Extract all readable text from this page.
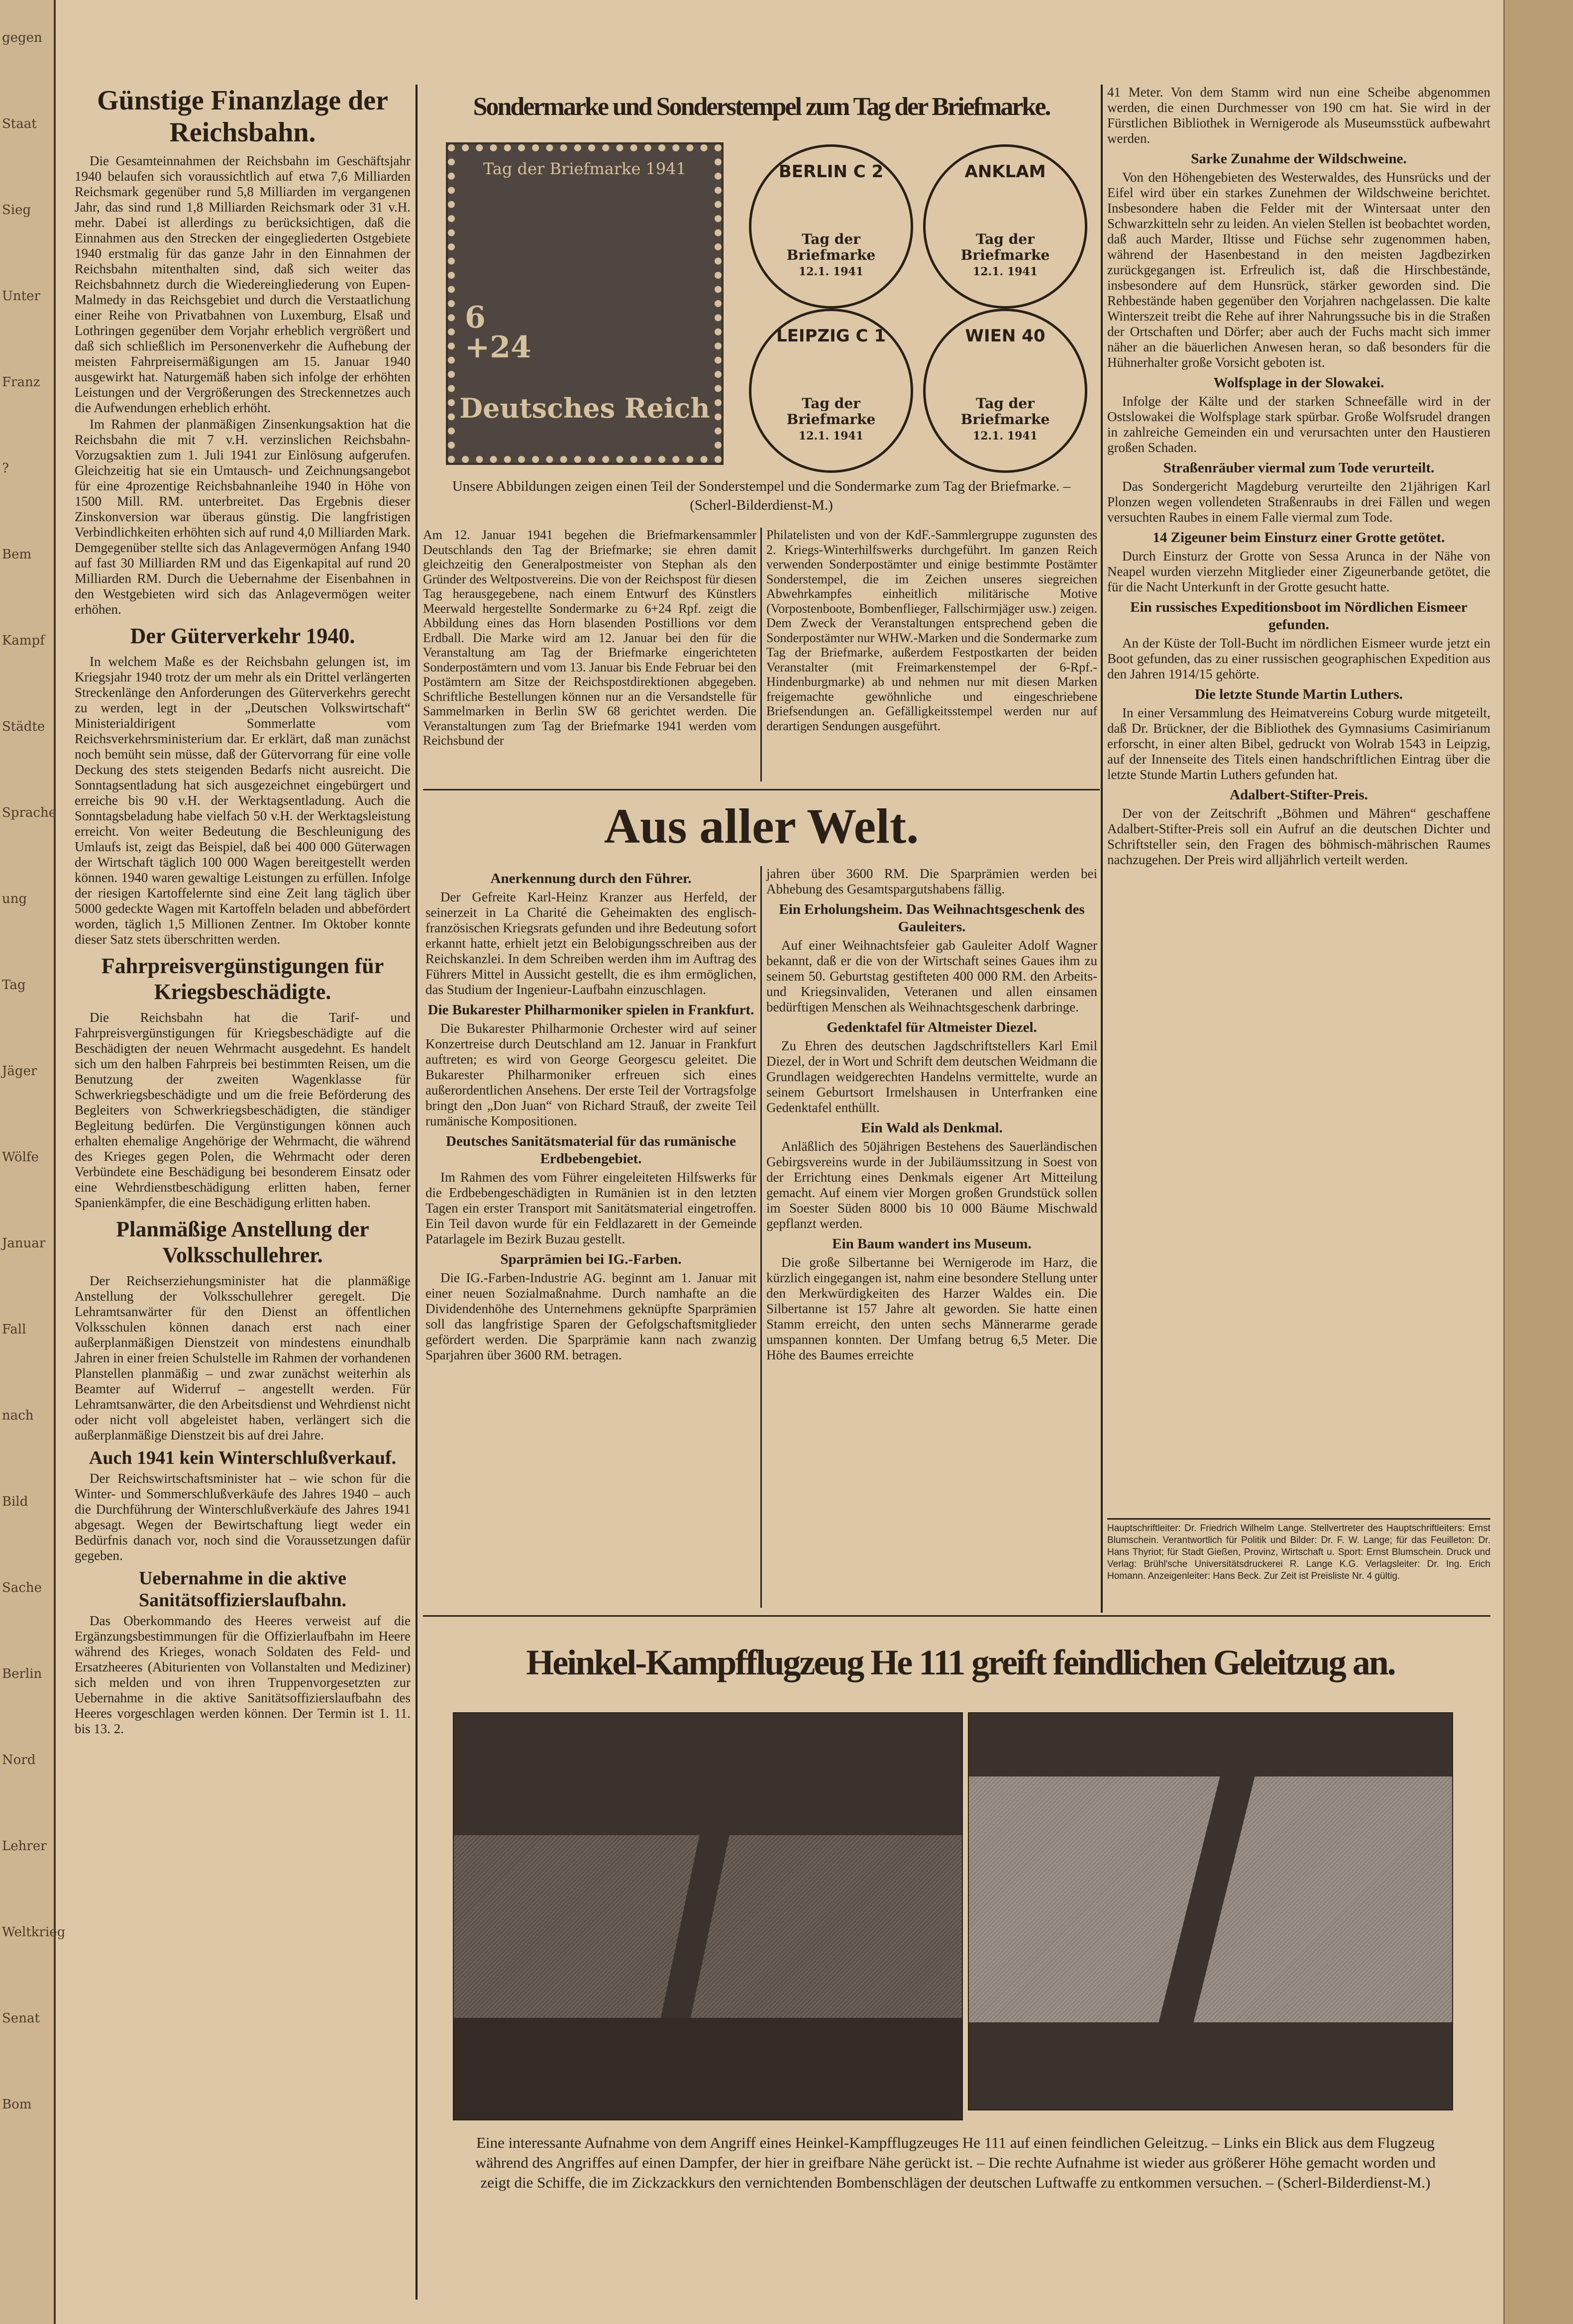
gegen
Staat
Sieg
Unter
Franz
?
Bem
Kampf
Städte
Sprache
ung
Tag
Jäger
Wölfe
Januar
Fall
nach
Bild
Sache
Berlin
Nord
Lehrer
Weltkrieg
Senat
Bom
Günstige Finanzlage der Reichsbahn.

Die Gesamteinnahmen der Reichsbahn im Geschäftsjahr 1940 belaufen sich voraussichtlich auf etwa 7,6 Milliarden Reichsmark gegenüber rund 5,8 Milliarden im vergangenen Jahr, das sind rund 1,8 Milliarden Reichsmark oder 31 v.H. mehr. Dabei ist allerdings zu berücksichtigen, daß die Einnahmen aus den Strecken der eingegliederten Ostgebiete 1940 erstmalig für das ganze Jahr in den Einnahmen der Reichsbahn mitenthalten sind, daß sich weiter das Reichsbahnnetz durch die Wiedereingliederung von Eupen-Malmedy in das Reichsgebiet und durch die Verstaatlichung einer Reihe von Privatbahnen von Luxemburg, Elsaß und Lothringen gegenüber dem Vorjahr erheblich vergrößert und daß sich schließlich im Personenverkehr die Aufhebung der meisten Fahrpreisermäßigungen am 15. Januar 1940 ausgewirkt hat. Naturgemäß haben sich infolge der erhöhten Leistungen und der Vergrößerungen des Streckennetzes auch die Aufwendungen erheblich erhöht.

Im Rahmen der planmäßigen Zinsenkungsaktion hat die Reichsbahn die mit 7 v.H. verzinslichen Reichsbahn-Vorzugsaktien zum 1. Juli 1941 zur Einlösung aufgerufen. Gleichzeitig hat sie ein Umtausch- und Zeichnungsangebot für eine 4prozentige Reichsbahnanleihe 1940 in Höhe von 1500 Mill. RM. unterbreitet. Das Ergebnis dieser Zinskonversion war überaus günstig. Die langfristigen Verbindlichkeiten erhöhten sich auf rund 4,0 Milliarden Mark. Demgegenüber stellte sich das Anlagevermögen Anfang 1940 auf fast 30 Milliarden RM und das Eigenkapital auf rund 20 Milliarden RM. Durch die Uebernahme der Eisenbahnen in den Westgebieten wird sich das Anlagevermögen weiter erhöhen.

Der Güterverkehr 1940.

In welchem Maße es der Reichsbahn gelungen ist, im Kriegsjahr 1940 trotz der um mehr als ein Drittel verlängerten Streckenlänge den Anforderungen des Güterverkehrs gerecht zu werden, legt in der „Deutschen Volkswirtschaft“ Ministerialdirigent Sommerlatte vom Reichsverkehrsministerium dar. Er erklärt, daß man zunächst noch bemüht sein müsse, daß der Gütervorrang für eine volle Deckung des stets steigenden Bedarfs nicht ausreicht. Die Sonntagsentladung hat sich ausgezeichnet eingebürgert und erreiche bis 90 v.H. der Werktagsentladung. Auch die Sonntagsbeladung habe vielfach 50 v.H. der Werktagsleistung erreicht. Von weiter Bedeutung die Beschleunigung des Umlaufs ist, zeigt das Beispiel, daß bei 400 000 Güterwagen der Wirtschaft täglich 100 000 Wagen bereitgestellt werden können. 1940 waren gewaltige Leistungen zu erfüllen. Infolge der riesigen Kartoffelernte sind eine Zeit lang täglich über 5000 gedeckte Wagen mit Kartoffeln beladen und abbefördert worden, täglich 1,5 Millionen Zentner. Im Oktober konnte dieser Satz stets überschritten werden.

Fahrpreisvergünstigungen für Kriegsbeschädigte.

Die Reichsbahn hat die Tarif- und Fahrpreisvergünstigungen für Kriegsbeschädigte auf die Beschädigten der neuen Wehrmacht ausgedehnt. Es handelt sich um den halben Fahrpreis bei bestimmten Reisen, um die Benutzung der zweiten Wagenklasse für Schwerkriegsbeschädigte und um die freie Beförderung des Begleiters von Schwerkriegsbeschädigten, die ständiger Begleitung bedürfen. Die Vergünstigungen können auch erhalten ehemalige Angehörige der Wehrmacht, die während des Krieges gegen Polen, die Wehrmacht oder deren Verbündete eine Beschädigung bei besonderem Einsatz oder eine Wehrdienstbeschädigung erlitten haben, ferner Spanienkämpfer, die eine Beschädigung erlitten haben.

Planmäßige Anstellung der Volksschullehrer.

Der Reichserziehungsminister hat die planmäßige Anstellung der Volksschullehrer geregelt. Die Lehramtsanwärter für den Dienst an öffentlichen Volksschulen können danach erst nach einer außerplanmäßigen Dienstzeit von mindestens einundhalb Jahren in einer freien Schulstelle im Rahmen der vorhandenen Planstellen planmäßig – und zwar zunächst weiterhin als Beamter auf Widerruf – angestellt werden. Für Lehramtsanwärter, die den Arbeitsdienst und Wehrdienst nicht oder nicht voll abgeleistet haben, verlängert sich die außerplanmäßige Dienstzeit bis auf drei Jahre.

Auch 1941 kein Winterschlußverkauf.

Der Reichswirtschaftsminister hat – wie schon für die Winter- und Sommerschlußverkäufe des Jahres 1940 – auch die Durchführung der Winterschlußverkäufe des Jahres 1941 abgesagt. Wegen der Bewirtschaftung liegt weder ein Bedürfnis danach vor, noch sind die Voraussetzungen dafür gegeben.

Uebernahme in die aktive Sanitätsoffizierslaufbahn.

Das Oberkommando des Heeres verweist auf die Ergänzungsbestimmungen für die Offizierlaufbahn im Heere während des Krieges, wonach Soldaten des Feld- und Ersatzheeres (Abiturienten von Vollanstalten und Mediziner) sich melden und von ihren Truppenvorgesetzten zur Uebernahme in die aktive Sanitätsoffizierslaufbahn des Heeres vorgeschlagen werden können. Der Termin ist 1. 11. bis 13. 2.

Sondermarke und Sonderstempel zum Tag der Briefmarke.
Tag der Briefmarke 1941
6 +24
Deutsches Reich
BERLIN C 2
Tag der Briefmarke
12.1. 1941
ANKLAM
Tag der Briefmarke
12.1. 1941
LEIPZIG C 1
Tag der Briefmarke
12.1. 1941
WIEN 40
Tag der Briefmarke
12.1. 1941
Unsere Abbildungen zeigen einen Teil der Sonderstempel und die Sondermarke zum Tag der Briefmarke. – (Scherl-Bilderdienst-M.)
Am 12. Januar 1941 begehen die Briefmarkensammler Deutschlands den Tag der Briefmarke; sie ehren damit gleichzeitig den Generalpostmeister von Stephan als den Gründer des Weltpostvereins. Die von der Reichspost für diesen Tag herausgegebene, nach einem Entwurf des Künstlers Meerwald hergestellte Sondermarke zu 6+24 Rpf. zeigt die Abbildung eines das Horn blasenden Postillions vor dem Erdball. Die Marke wird am 12. Januar bei den für die Veranstaltung am Tag der Briefmarke eingerichteten Sonderpostämtern und vom 13. Januar bis Ende Februar bei den Postämtern am Sitze der Reichspostdirektionen abgegeben. Schriftliche Bestellungen können nur an die Versandstelle für Sammelmarken in Berlin SW 68 gerichtet werden. Die Veranstaltungen zum Tag der Briefmarke 1941 werden vom Reichsbund der
Philatelisten und von der KdF.-Sammlergruppe zugunsten des 2. Kriegs-Winterhilfswerks durchgeführt. Im ganzen Reich verwenden Sonderpostämter und einige bestimmte Postämter Sonderstempel, die im Zeichen unseres siegreichen Abwehrkampfes einheitlich militärische Motive (Vorpostenboote, Bombenflieger, Fallschirmjäger usw.) zeigen. Dem Zweck der Veranstaltungen entsprechend geben die Sonderpostämter nur WHW.-Marken und die Sondermarke zum Tag der Briefmarke, außerdem Festpostkarten der beiden Veranstalter (mit Freimarkenstempel der 6-Rpf.-Hindenburgmarke) ab und nehmen nur mit diesen Marken freigemachte gewöhnliche und eingeschriebene Briefsendungen an. Gefälligkeitsstempel werden nur auf derartigen Sendungen ausgeführt.
Aus aller Welt.
Anerkennung durch den Führer.

Der Gefreite Karl-Heinz Kranzer aus Herfeld, der seinerzeit in La Charité die Geheimakten des englisch-französischen Kriegsrats gefunden und ihre Bedeutung sofort erkannt hatte, erhielt jetzt ein Belobigungsschreiben aus der Reichskanzlei. In dem Schreiben werden ihm im Auftrag des Führers Mittel in Aussicht gestellt, die es ihm ermöglichen, das Studium der Ingenieur-Laufbahn einzuschlagen.

Die Bukarester Philharmoniker spielen in Frankfurt.

Die Bukarester Philharmonie Orchester wird auf seiner Konzertreise durch Deutschland am 12. Januar in Frankfurt auftreten; es wird von George Georgescu geleitet. Die Bukarester Philharmoniker erfreuen sich eines außerordentlichen Ansehens. Der erste Teil der Vortragsfolge bringt den „Don Juan“ von Richard Strauß, der zweite Teil rumänische Kompositionen.

Deutsches Sanitätsmaterial für das rumänische Erdbebengebiet.

Im Rahmen des vom Führer eingeleiteten Hilfswerks für die Erdbebengeschädigten in Rumänien ist in den letzten Tagen ein erster Transport mit Sanitätsmaterial eingetroffen. Ein Teil davon wurde für ein Feldlazarett in der Gemeinde Patarlagele im Bezirk Buzau gestellt.

Sparprämien bei IG.-Farben.

Die IG.-Farben-Industrie AG. beginnt am 1. Januar mit einer neuen Sozialmaßnahme. Durch namhafte an die Dividendenhöhe des Unternehmens geknüpfte Sparprämien soll das langfristige Sparen der Gefolgschaftsmitglieder gefördert werden. Die Sparprämie kann nach zwanzig Sparjahren über 3600 RM. betragen.

jahren über 3600 RM. Die Sparprämien werden bei Abhebung des Gesamtspargutshabens fällig.

Ein Erholungsheim. Das Weihnachtsgeschenk des Gauleiters.

Auf einer Weihnachtsfeier gab Gauleiter Adolf Wagner bekannt, daß er die von der Wirtschaft seines Gaues ihm zu seinem 50. Geburtstag gestifteten 400 000 RM. den Arbeits- und Kriegsinvaliden, Veteranen und allen einsamen bedürftigen Menschen als Weihnachtsgeschenk darbringe.

Gedenktafel für Altmeister Diezel.

Zu Ehren des deutschen Jagdschriftstellers Karl Emil Diezel, der in Wort und Schrift dem deutschen Weidmann die Grundlagen weidgerechten Handelns vermittelte, wurde an seinem Geburtsort Irmelshausen in Unterfranken eine Gedenktafel enthüllt.

Ein Wald als Denkmal.

Anläßlich des 50jährigen Bestehens des Sauerländischen Gebirgsvereins wurde in der Jubiläumssitzung in Soest von der Errichtung eines Denkmals eigener Art Mitteilung gemacht. Auf einem vier Morgen großen Grundstück sollen im Soester Süden 8000 bis 10 000 Bäume Mischwald gepflanzt werden.

Ein Baum wandert ins Museum.

Die große Silbertanne bei Wernigerode im Harz, die kürzlich eingegangen ist, nahm eine besondere Stellung unter den Merkwürdigkeiten des Harzer Waldes ein. Die Silbertanne ist 157 Jahre alt geworden. Sie hatte einen Stamm erreicht, den unten sechs Männerarme gerade umspannen konnten. Der Umfang betrug 6,5 Meter. Die Höhe des Baumes erreichte

41 Meter. Von dem Stamm wird nun eine Scheibe abgenommen werden, die einen Durchmesser von 190 cm hat. Sie wird in der Fürstlichen Bibliothek in Wernigerode als Museumsstück aufbewahrt werden.

Sarke Zunahme der Wildschweine.

Von den Höhengebieten des Westerwaldes, des Hunsrücks und der Eifel wird über ein starkes Zunehmen der Wildschweine berichtet. Insbesondere haben die Felder mit der Wintersaat unter den Schwarzkitteln sehr zu leiden. An vielen Stellen ist beobachtet worden, daß auch Marder, Iltisse und Füchse sehr zugenommen haben, während der Hasenbestand in den meisten Jagdbezirken zurückgegangen ist. Erfreulich ist, daß die Hirschbestände, insbesondere auf dem Hunsrück, stärker geworden sind. Die Rehbestände haben gegenüber den Vorjahren nachgelassen. Die kalte Winterszeit treibt die Rehe auf ihrer Nahrungssuche bis in die Straßen der Ortschaften und Dörfer; aber auch der Fuchs macht sich immer näher an die bäuerlichen Anwesen heran, so daß besonders für die Hühnerhalter große Vorsicht geboten ist.

Wolfsplage in der Slowakei.

Infolge der Kälte und der starken Schneefälle wird in der Ostslowakei die Wolfsplage stark spürbar. Große Wolfsrudel drangen in zahlreiche Gemeinden ein und verursachten unter den Haustieren großen Schaden.

Straßenräuber viermal zum Tode verurteilt.

Das Sondergericht Magdeburg verurteilte den 21jährigen Karl Plonzen wegen vollendeten Straßenraubs in drei Fällen und wegen versuchten Raubes in einem Falle viermal zum Tode.

14 Zigeuner beim Einsturz einer Grotte getötet.

Durch Einsturz der Grotte von Sessa Arunca in der Nähe von Neapel wurden vierzehn Mitglieder einer Zigeunerbande getötet, die für die Nacht Unterkunft in der Grotte gesucht hatte.

Ein russisches Expeditionsboot im Nördlichen Eismeer gefunden.

An der Küste der Toll-Bucht im nördlichen Eismeer wurde jetzt ein Boot gefunden, das zu einer russischen geographischen Expedition aus den Jahren 1914/15 gehörte.

Die letzte Stunde Martin Luthers.

In einer Versammlung des Heimatvereins Coburg wurde mitgeteilt, daß Dr. Brückner, der die Bibliothek des Gymnasiums Casimirianum erforscht, in einer alten Bibel, gedruckt von Wolrab 1543 in Leipzig, auf der Innenseite des Titels einen handschriftlichen Eintrag über die letzte Stunde Martin Luthers gefunden hat.

Adalbert-Stifter-Preis.

Der von der Zeitschrift „Böhmen und Mähren“ geschaffene Adalbert-Stifter-Preis soll ein Aufruf an die deutschen Dichter und Schriftsteller sein, den Fragen des böhmisch-mährischen Raumes nachzugehen. Der Preis wird alljährlich verteilt werden.

Hauptschriftleiter: Dr. Friedrich Wilhelm Lange. Stellvertreter des Hauptschriftleiters: Ernst Blumschein. Verantwortlich für Politik und Bilder: Dr. F. W. Lange; für das Feuilleton: Dr. Hans Thyriot; für Stadt Gießen, Provinz, Wirtschaft u. Sport: Ernst Blumschein. Druck und Verlag: Brühl'sche Universitätsdruckerei R. Lange K.G. Verlagsleiter: Dr. Ing. Erich Homann. Anzeigenleiter: Hans Beck. Zur Zeit ist Preisliste Nr. 4 gültig.
Heinkel-Kampfflugzeug He 111 greift feindlichen Geleitzug an.
Eine interessante Aufnahme von dem Angriff eines Heinkel-Kampfflugzeuges He 111 auf einen feindlichen Geleitzug. – Links ein Blick aus dem Flugzeug während des Angriffes auf einen Dampfer, der hier in greifbare Nähe gerückt ist. – Die rechte Aufnahme ist wieder aus größerer Höhe gemacht worden und zeigt die Schiffe, die im Zickzackkurs den vernichtenden Bombenschlägen der deutschen Luftwaffe zu entkommen versuchen. – (Scherl-Bilderdienst-M.)
